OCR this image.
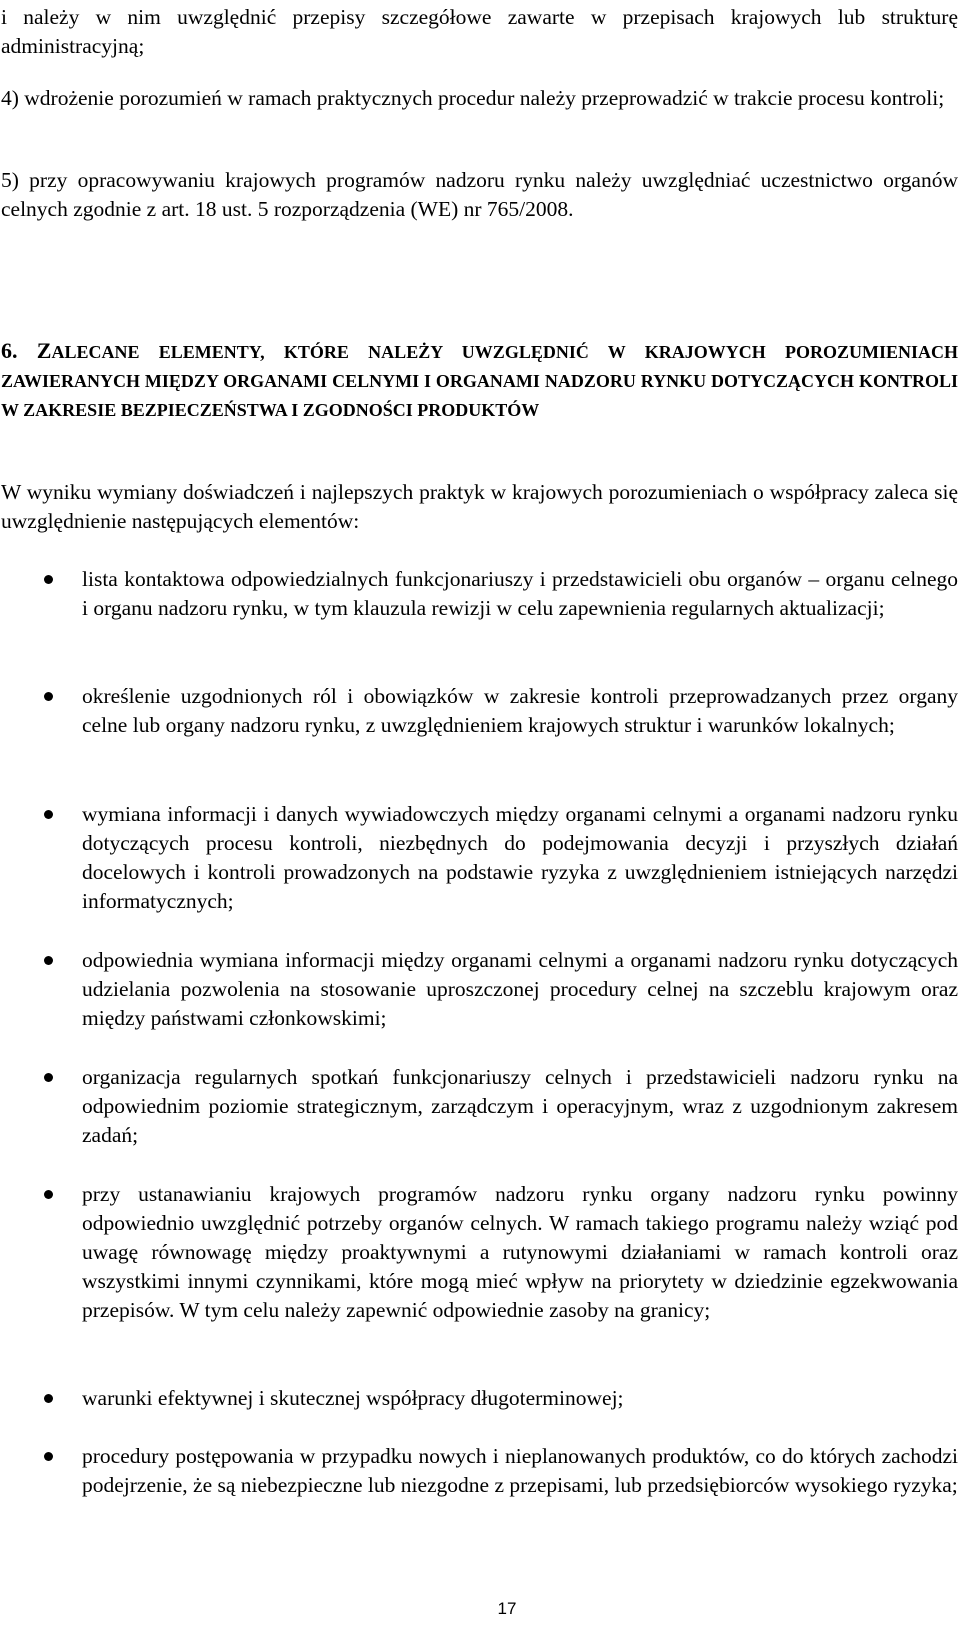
i należy w nim uwzględnić przepisy szczegółowe zawarte w przepisach krajowych lub strukturę administracyjną;

4) wdrożenie porozumień w ramach praktycznych procedur należy przeprowadzić w trakcie procesu kontroli;

5) przy opracowywaniu krajowych programów nadzoru rynku należy uwzględniać uczestnictwo organów celnych zgodnie z art. 18 ust. 5 rozporządzenia (WE) nr 765/2008.

6. ZALECANE ELEMENTY, KTÓRE NALEŻY UWZGLĘDNIĆ W KRAJOWYCH POROZUMIENIACH ZAWIERANYCH MIĘDZY ORGANAMI CELNYMI I ORGANAMI NADZORU RYNKU DOTYCZĄCYCH KONTROLI W ZAKRESIE BEZPIECZEŃSTWA I ZGODNOŚCI PRODUKTÓW

W wyniku wymiany doświadczeń i najlepszych praktyk w krajowych porozumieniach o współpracy zaleca się uwzględnienie następujących elementów:

lista kontaktowa odpowiedzialnych funkcjonariuszy i przedstawicieli obu organów – organu celnego i organu nadzoru rynku, w tym klauzula rewizji w celu zapewnienia regularnych aktualizacji;

określenie uzgodnionych ról i obowiązków w zakresie kontroli przeprowadzanych przez organy celne lub organy nadzoru rynku, z uwzględnieniem krajowych struktur i warunków lokalnych;

wymiana informacji i danych wywiadowczych między organami celnymi a organami nadzoru rynku dotyczących procesu kontroli, niezbędnych do podejmowania decyzji i przyszłych działań docelowych i kontroli prowadzonych na podstawie ryzyka z uwzględnieniem istniejących narzędzi informatycznych;

odpowiednia wymiana informacji między organami celnymi a organami nadzoru rynku dotyczących udzielania pozwolenia na stosowanie uproszczonej procedury celnej na szczeblu krajowym oraz między państwami członkowskimi;

organizacja regularnych spotkań funkcjonariuszy celnych i przedstawicieli nadzoru rynku na odpowiednim poziomie strategicznym, zarządczym i operacyjnym, wraz z uzgodnionym zakresem zadań;

przy ustanawianiu krajowych programów nadzoru rynku organy nadzoru rynku powinny odpowiednio uwzględnić potrzeby organów celnych. W ramach takiego programu należy wziąć pod uwagę równowagę między proaktywnymi a rutynowymi działaniami w ramach kontroli oraz wszystkimi innymi czynnikami, które mogą mieć wpływ na priorytety w dziedzinie egzekwowania przepisów. W tym celu należy zapewnić odpowiednie zasoby na granicy;

warunki efektywnej i skutecznej współpracy długoterminowej;

procedury postępowania w przypadku nowych i nieplanowanych produktów, co do których zachodzi podejrzenie, że są niebezpieczne lub niezgodne z przepisami, lub przedsiębiorców wysokiego ryzyka;

17
